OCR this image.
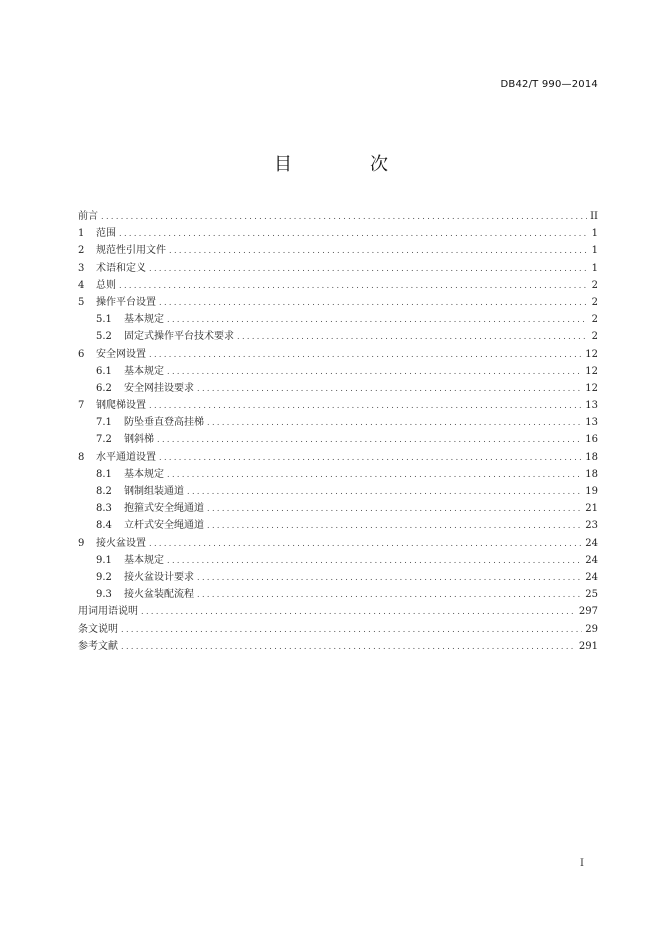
DB42/T 990—2014
目　次
前言 .....	II
1	范围 .....	1
2	规范性引用文件 .....	1
3	术语和定义 .....	1
4	总则 .....	2
5	操作平台设置 .....	2
5.1	基本规定 .....	2
5.2	固定式操作平台技术要求 .....	2
6	安全网设置 .....	12
6.1	基本规定 .....	12
6.2	安全网挂设要求 .....	12
7	钢爬梯设置 .....	13
7.1	防坠垂直登高挂梯 .....	13
7.2	钢斜梯 .....	16
8	水平通道设置 .....	18
8.1	基本规定 .....	18
8.2	钢制组装通道 .....	19
8.3	抱箍式安全绳通道 .....	21
8.4	立杆式安全绳通道 .....	23
9	接火盆设置 .....	24
9.1	基本规定 .....	24
9.2	接火盆设计要求 .....	24
9.3	接火盆装配流程 .....	25
用词用语说明 .....	297
条文说明 .....	29
参考文献 .....	291
I
